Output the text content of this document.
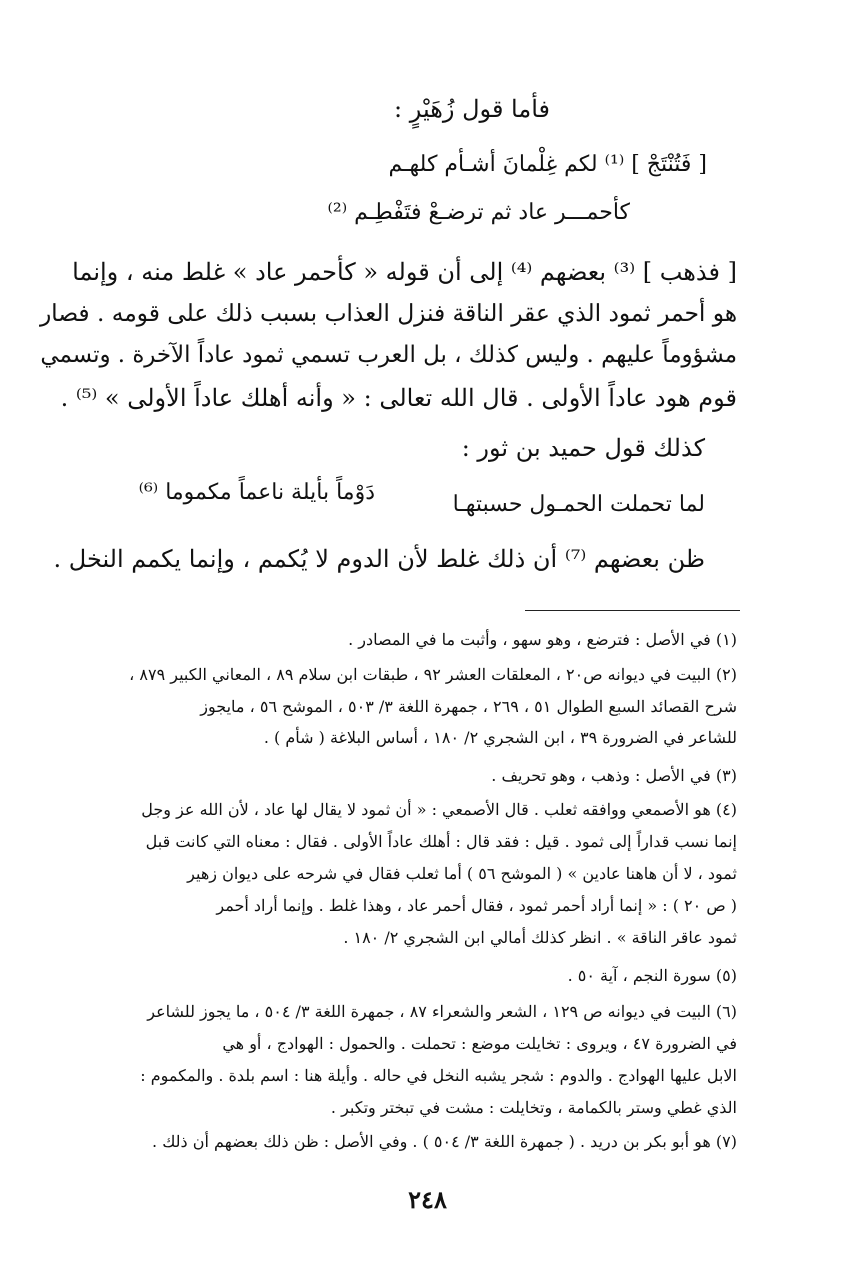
فأما قول زُهَيْرٍ :
[ فَتُنْتَجْ ] ⁽¹⁾ لكم غِلْمانَ أشـأم كلهـم
كأحمـــر عاد ثم ترضـعْ فتَفْطِـم ⁽²⁾
[ فذهب ] ⁽³⁾ بعضهم ⁽⁴⁾ إلى أن قوله « كأحمر عاد » غلط منه ، وإنما
هو أحمر ثمود الذي عقر الناقة فنزل العذاب بسبب ذلك على قومه . فصار
مشؤوماً عليهم . وليس كذلك ، بل العرب تسمي ثمود عاداً الآخرة . وتسمي
قوم هود عاداً الأولى . قال الله تعالى : « وأنه أهلك عاداً الأولى » ⁽⁵⁾ .
كذلك قول حميد بن ثور :
لما تحملت الحمـول حسبتهـا
دَوْماً بأيلة ناعماً مكموما ⁽⁶⁾
ظن بعضهم ⁽⁷⁾ أن ذلك غلط لأن الدوم لا يُكمم ، وإنما يكمم النخل .
(١) في الأصل : فترضع ، وهو سهو ، وأثبت ما في المصادر .
(٢) البيت في ديوانه ص٢٠ ، المعلقات العشر ٩٢ ، طبقات ابن سلام ٨٩ ، المعاني الكبير ٨٧٩ ،
شرح القصائد السبع الطوال ٥١ ، ٢٦٩ ، جمهرة اللغة ٣/ ٥٠٣ ، الموشح ٥٦ ، مايجوز
للشاعر في الضرورة ٣٩ ، ابن الشجري ٢/ ١٨٠ ، أساس البلاغة ( شأم ) .
(٣) في الأصل : وذهب ، وهو تحريف .
(٤) هو الأصمعي ووافقه ثعلب . قال الأصمعي : « أن ثمود لا يقال لها عاد ، لأن الله عز وجل
إنما نسب قداراً إلى ثمود . قيل : فقد قال : أهلك عاداً الأولى . فقال : معناه التي كانت قبل
ثمود ، لا أن هاهنا عادين » ( الموشح ٥٦ ) أما ثعلب فقال في شرحه على ديوان زهير
( ص ٢٠ ) : « إنما أراد أحمر ثمود ، فقال أحمر عاد ، وهذا غلط . وإنما أراد أحمر
ثمود عاقر الناقة » . انظر كذلك أمالي ابن الشجري ٢/ ١٨٠ .
(٥) سورة النجم ، آية ٥٠ .
(٦) البيت في ديوانه ص ١٢٩ ، الشعر والشعراء ٨٧ ، جمهرة اللغة ٣/ ٥٠٤ ، ما يجوز للشاعر
في الضرورة ٤٧ ، ويروى : تخايلت موضع : تحملت . والحمول : الهوادج ، أو هي
الابل عليها الهوادج . والدوم : شجر يشبه النخل في حاله . وأيلة هنا : اسم بلدة . والمكموم :
الذي غطي وستر بالكمامة ، وتخايلت : مشت في تبختر وتكبر .
(٧) هو أبو بكر بن دريد . ( جمهرة اللغة ٣/ ٥٠٤ ) . وفي الأصل : ظن ذلك بعضهم أن ذلك .
٢٤٨
